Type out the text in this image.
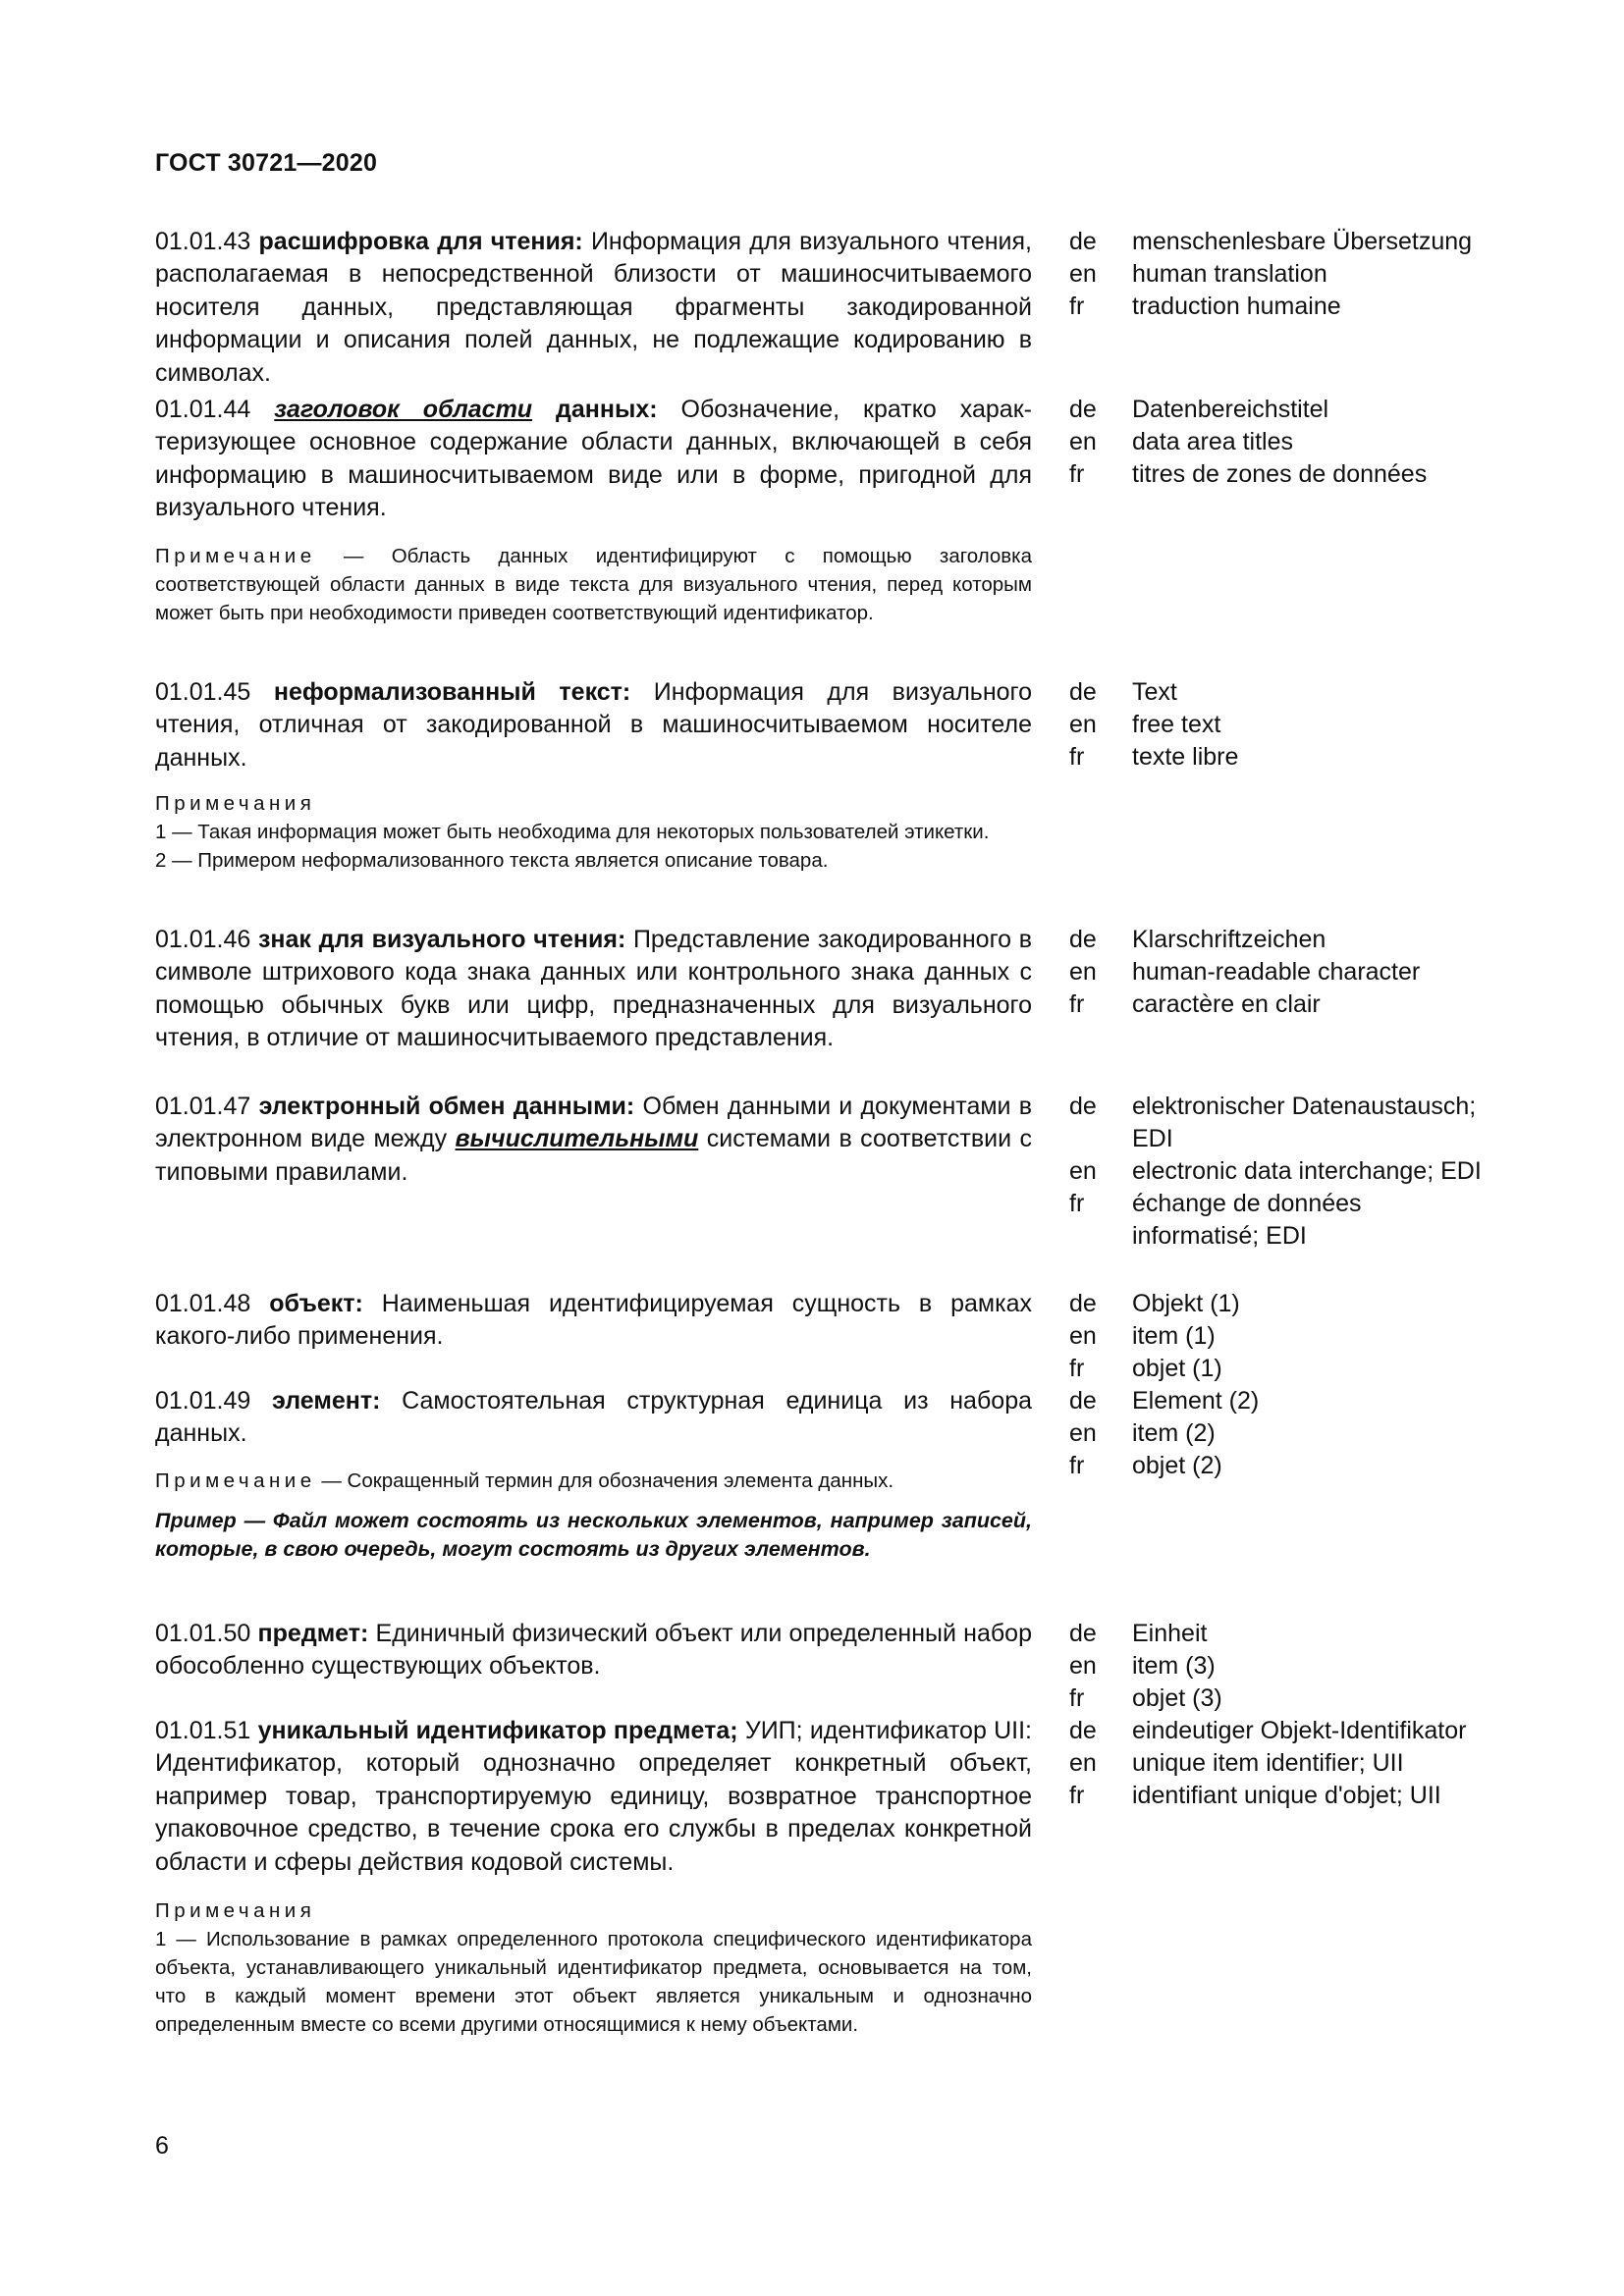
ГОСТ 30721—2020
01.01.43 расшифровка для чтения: Информация для визуального чтения, располагаемая в непосредственной близости от машиносчитываемого носителя данных, представляющая фрагменты закодированной информации и описания полей данных, не подлежащие кодированию в символах.
de	menschenlesbare Übersetzung
en	human translation
fr	traduction humaine
01.01.44 заголовок области данных: Обозначение, кратко характеризующее основное содержание области данных, включающей в себя информацию в машиносчитываемом виде или в форме, пригодной для визуального чтения.
de	Datenbereichstitel
en	data area titles
fr	titres de zones de données
Примечание — Область данных идентифицируют с помощью заголовка соответствующей области данных в виде текста для визуального чтения, перед которым может быть при необходимости приведен соответствующий идентификатор.
01.01.45 неформализованный текст: Информация для визуального чтения, отличная от закодированной в машиносчитываемом носителе данных.
de	Text
en	free text
fr	texte libre
Примечания
1 — Такая информация может быть необходима для некоторых пользователей этикетки.
2 — Примером неформализованного текста является описание товара.
01.01.46 знак для визуального чтения: Представление закодированного в символе штрихового кода знака данных или контрольного знака данных с помощью обычных букв или цифр, предназначенных для визуального чтения, в отличие от машиносчитываемого представления.
de	Klarschriftzeichen
en	human-readable character
fr	caractère en clair
01.01.47 электронный обмен данными: Обмен данными и документами в электронном виде между вычислительными системами в соответствии с типовыми правилами.
de	elektronischer Datenaustausch; EDI
en	electronic data interchange; EDI
fr	échange de données informatisé; EDI
01.01.48 объект: Наименьшая идентифицируемая сущность в рамках какого-либо применения.
de	Objekt (1)
en	item (1)
fr	objet (1)
01.01.49 элемент: Самостоятельная структурная единица из набора данных.
de	Element (2)
en	item (2)
fr	objet (2)
Примечание — Сокращенный термин для обозначения элемента данных.
Пример — Файл может состоять из нескольких элементов, например записей, которые, в свою очередь, могут состоять из других элементов.
01.01.50 предмет: Единичный физический объект или определенный набор обособленно существующих объектов.
de	Einheit
en	item (3)
fr	objet (3)
01.01.51 уникальный идентификатор предмета; УИП; идентификатор UII: Идентификатор, который однозначно определяет конкретный объект, например товар, транспортируемую единицу, возвратное транспортное упаковочное средство, в течение срока его службы в пределах конкретной области и сферы действия кодовой системы.
de	eindeutiger Objekt-Identifikator
en	unique item identifier; UII
fr	identifiant unique d'objet; UII
Примечания
1 — Использование в рамках определенного протокола специфического идентификатора объекта, устанавливающего уникальный идентификатор предмета, основывается на том, что в каждый момент времени этот объект является уникальным и однозначно определенным вместе со всеми другими относящимися к нему объектами.
6
